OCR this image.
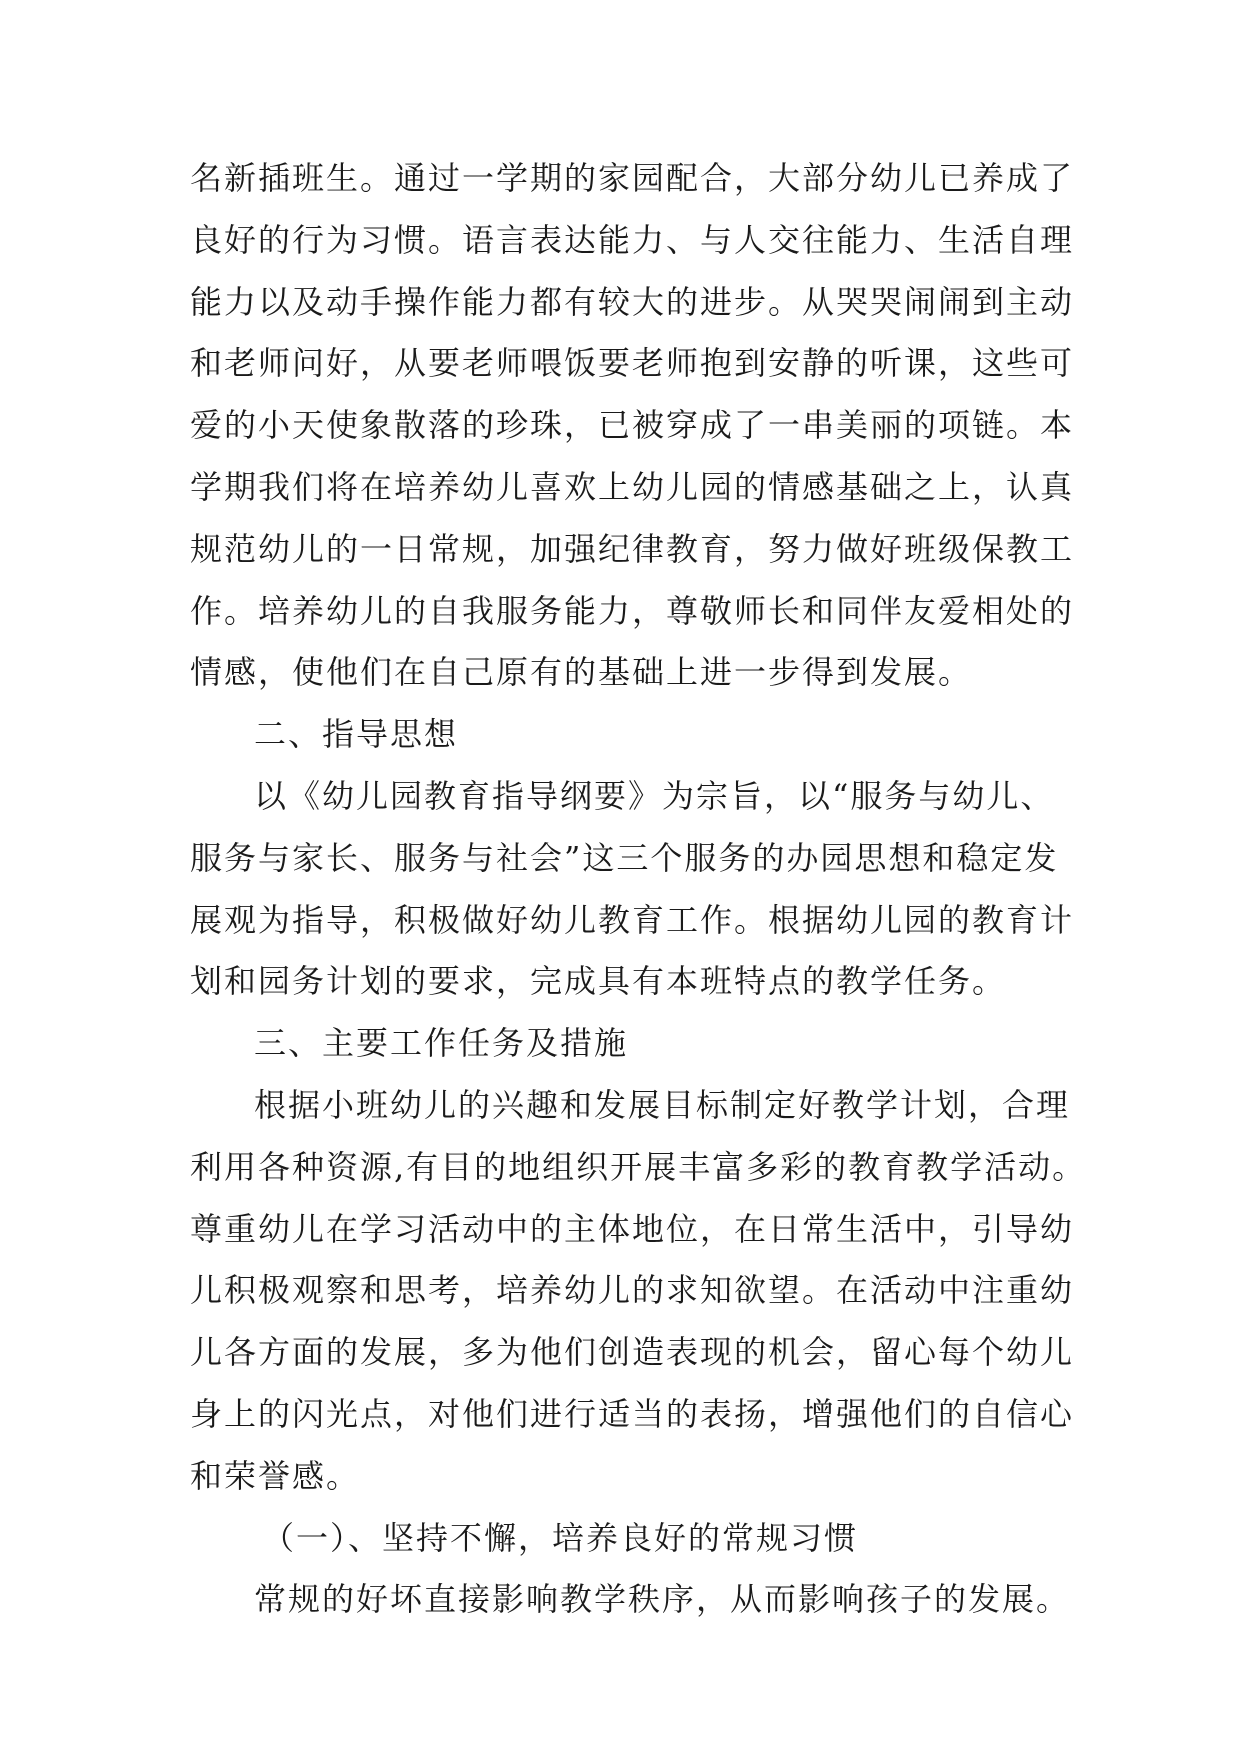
名新插班生。通过一学期的家园配合，大部分幼儿已养成了
良好的行为习惯。语言表达能力、与人交往能力、生活自理
能力以及动手操作能力都有较大的进步。从哭哭闹闹到主动
和老师问好，从要老师喂饭要老师抱到安静的听课，这些可
爱的小天使象散落的珍珠，已被穿成了一串美丽的项链。本
学期我们将在培养幼儿喜欢上幼儿园的情感基础之上，认真
规范幼儿的一日常规，加强纪律教育，努力做好班级保教工
作。培养幼儿的自我服务能力，尊敬师长和同伴友爱相处的
情感，使他们在自己原有的基础上进一步得到发展。
二、指导思想
以《幼儿园教育指导纲要》为宗旨，以“服务与幼儿、
服务与家长、服务与社会”这三个服务的办园思想和稳定发
展观为指导，积极做好幼儿教育工作。根据幼儿园的教育计
划和园务计划的要求，完成具有本班特点的教学任务。
三、主要工作任务及措施
根据小班幼儿的兴趣和发展目标制定好教学计划，合理
利用各种资源,有目的地组织开展丰富多彩的教育教学活动。
尊重幼儿在学习活动中的主体地位，在日常生活中，引导幼
儿积极观察和思考，培养幼儿的求知欲望。在活动中注重幼
儿各方面的发展，多为他们创造表现的机会，留心每个幼儿
身上的闪光点，对他们进行适当的表扬，增强他们的自信心
和荣誉感。
（一）、坚持不懈，培养良好的常规习惯
常规的好坏直接影响教学秩序，从而影响孩子的发展。
